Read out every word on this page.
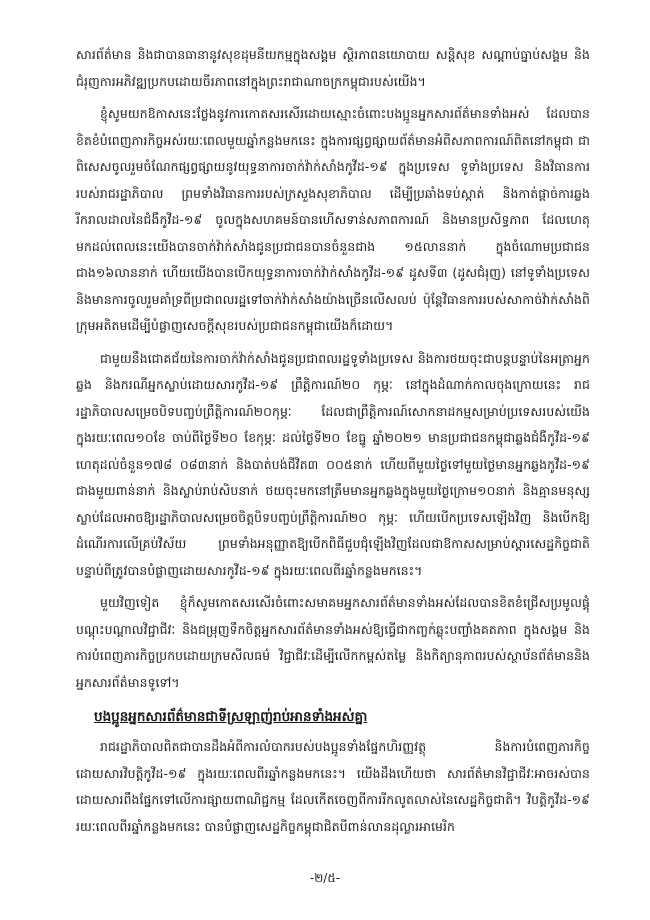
សារព័ត៌មាន និងជាបានធានានូវសុខដុមនីយកម្មក្នុងសង្គម ស្ថិរភាពនយោបាយ សន្តិសុខ សណ្តាប់ធ្នាប់សង្គម និងជំរុញការអភិវឌ្ឍប្រកបដោយចីរភាពនៅក្នុងព្រះរាជាណាចក្រកម្ពុជារបស់យើង។

ខ្ញុំសូមយកឱកាសនេះថ្លែងនូវការកោតសរសើរដោយស្មោះចំពោះបងប្អូនអ្នកសារព័ត៌មានទាំងអស់ ដែលបានខិតខំបំពេញភារកិច្ចអស់រយៈពេលមួយឆ្នាំកន្លងមកនេះ ក្នុងការផ្សព្វផ្សាយព័ត៌មានអំពីសភាពការណ៍ពិតនៅកម្ពុជា ជាពិសេសចូលរួមចំណែកផ្សព្វផ្សាយនូវយុទ្ធនាការចាក់វ៉ាក់សាំងកូវីដ-១៩ ក្នុងប្រទេស ទូទាំងប្រទេស និងវិធានការរបស់រាជរដ្ឋាភិបាល ព្រមទាំងវិធានការរបស់ក្រសួងសុខាភិបាល ដើម្បីប្រឆាំងទប់ស្កាត់ និងកាត់ផ្តាច់ការឆ្លងរីករាលដាលនៃជំងឺកូវីដ-១៩ ចូលក្នុងសហគមន៍បានហើសទាន់សភាពការណ៍ និងមានប្រសិទ្ធភាព ដែលហេតុមកដល់ពេលនេះយើងបានចាក់វ៉ាក់សាំងជូនប្រជាជនបានចំនួនជាង ១៥លាននាក់ ក្នុងចំណោមប្រជាជនជាង១៦លាននាក់ ហើយយើងបានបើកយុទ្ធនាការចាក់វ៉ាក់សាំងកូវីដ-១៩ ដូសទី៣ (ដូសជំរុញ) នៅទូទាំងប្រទេស និងមានការចូលរួមគាំទ្រពីប្រជាពលរដ្ឋទៅចាក់វ៉ាក់សាំងយ៉ាងច្រើនលើសលប់ ប៉ុន្តែវិធានការរបស់សាកាច់វ៉ាក់សាំងពិក្រុមអតិតមដើម្បីបំផ្លាញសេចក្តីសុខរបស់ប្រជាជនកម្ពុជាយើងក៏ដោយ។

ជាមួយនឹងជោគជ័យនៃការចាក់វ៉ាក់សាំងជូនប្រជាពលរដ្ឋទូទាំងប្រទេស និងការថយចុះជាបន្តបន្ទាប់នៃអត្រាអ្នកឆ្លង និងករណីអ្នកស្លាប់ដោយសារកូវីដ-១៩ ព្រឹត្តិការណ៍២០ កុម្ភៈ នៅក្នុងដំណាក់កាលចុងក្រោយនេះ រាជរដ្ឋាភិបាលសម្រេចបិទបញ្ចប់ព្រឹត្តិការណ៍២០កុម្ភៈ ដែលជាព្រឹត្តិការណ៍សោកនាដកម្មសម្រាប់ប្រទេសរបស់យើងក្នុងរយៈពេល១០ខែ ចាប់ពីថ្ងៃទី២០ ខែកុម្ភៈ ដល់ថ្ងៃទី២០ ខែធ្នូ ឆ្នាំ២០២១ មានប្រជាជនកម្ពុជាឆ្លងជំងឺកូវីដ-១៩ ហេតុដល់ចំនួន១៧៨ ០៨៣នាក់ និងបាត់បង់ជីវិត៣ ០០៥នាក់ ហើយពីមួយថ្ងៃទៅមួយថ្ងៃមានអ្នកឆ្លងកូវីដ-១៩ ជាងមួយពាន់នាក់ និងស្លាប់រាប់សិបនាក់ ថយចុះមកនៅត្រឹមមានអ្នកឆ្លងក្នុងមួយថ្ងៃក្រោម១០នាក់ និងគ្មានមនុស្សស្លាប់ដែលអាចឱ្យរដ្ឋាភិបាលសម្រេចចិត្តបិទបញ្ចប់ព្រឹត្តិការណ៍២០ កុម្ភៈ ហើយបើកប្រទេសឡើងវិញ និងបើកឱ្យដំណើរការលើគ្រប់វិស័យ ព្រមទាំងអនុញ្ញាតឱ្យបើកពិធីជួបជុំឡើងវិញដែលជាឱកាសសម្រាប់ស្តារសេដ្ឋកិច្ចជាតិបន្ទាប់ពីត្រូវបានបំផ្លាញដោយសារកូវីដ-១៩ ក្នុងរយៈពេលពីរឆ្នាំកន្លងមកនេះ។

មួយវិញទៀត ខ្ញុំក៏សូមកោតសរសើរចំពោះសមាគមអ្នកសារព័ត៌មានទាំងអស់ដែលបានខិតខំជ្រើសប្រមូលផ្តុំបណ្តុះបណ្តាលវិជ្ជាជីវៈ និងជម្រុញទឹកចិត្តអ្នកសារព័ត៌មានទាំងអស់ឱ្យធ្វើជាកញ្ចក់ឆ្លុះបញ្ចាំងគតភាព ក្នុងសង្គម និងការបំពេញភារកិច្ចប្រកបដោយក្រមសីលធម៌ វិជ្ជាជីវៈដើម្បីលើកកម្ពស់តម្លៃ និងកិត្យានុភាពរបស់ស្ថាប័នព័ត៌មាននិងអ្នកសារព័ត៌មានទូទៅ។

បងប្អូនអ្នកសារព័ត៌មានជាទីស្រឡាញ់រាប់អានទាំងអស់គ្នា

រាជរដ្ឋាភិបាលពិតជាបានដឹងអំពីការលំបាករបស់បងប្អូនទាំងផ្នែកហិរញ្ញវត្ថុ និងការបំពេញភារកិច្ចដោយសារវិបត្តិកូវីដ-១៩ ក្នុងរយៈពេលពីរឆ្នាំកន្លងមកនេះ។ យើងដឹងហើយថា សារព័ត៌មានវិជ្ជាជីវៈអាចរស់បានដោយសារពឹងផ្នែកទៅលើការផ្សាយពាណិជ្ជកម្ម ដែលកើតចេញពីការរីកលូតលាស់នៃសេដ្ឋកិច្ចជាតិ។ វិបត្តិកូវីដ-១៩ រយៈពេលពីរឆ្នាំកន្លងមកនេះ បានបំផ្លាញសេដ្ឋកិច្ចកម្ពុជាជិតបីពាន់លានដុល្លារអាមេរិក

-២/៥-
